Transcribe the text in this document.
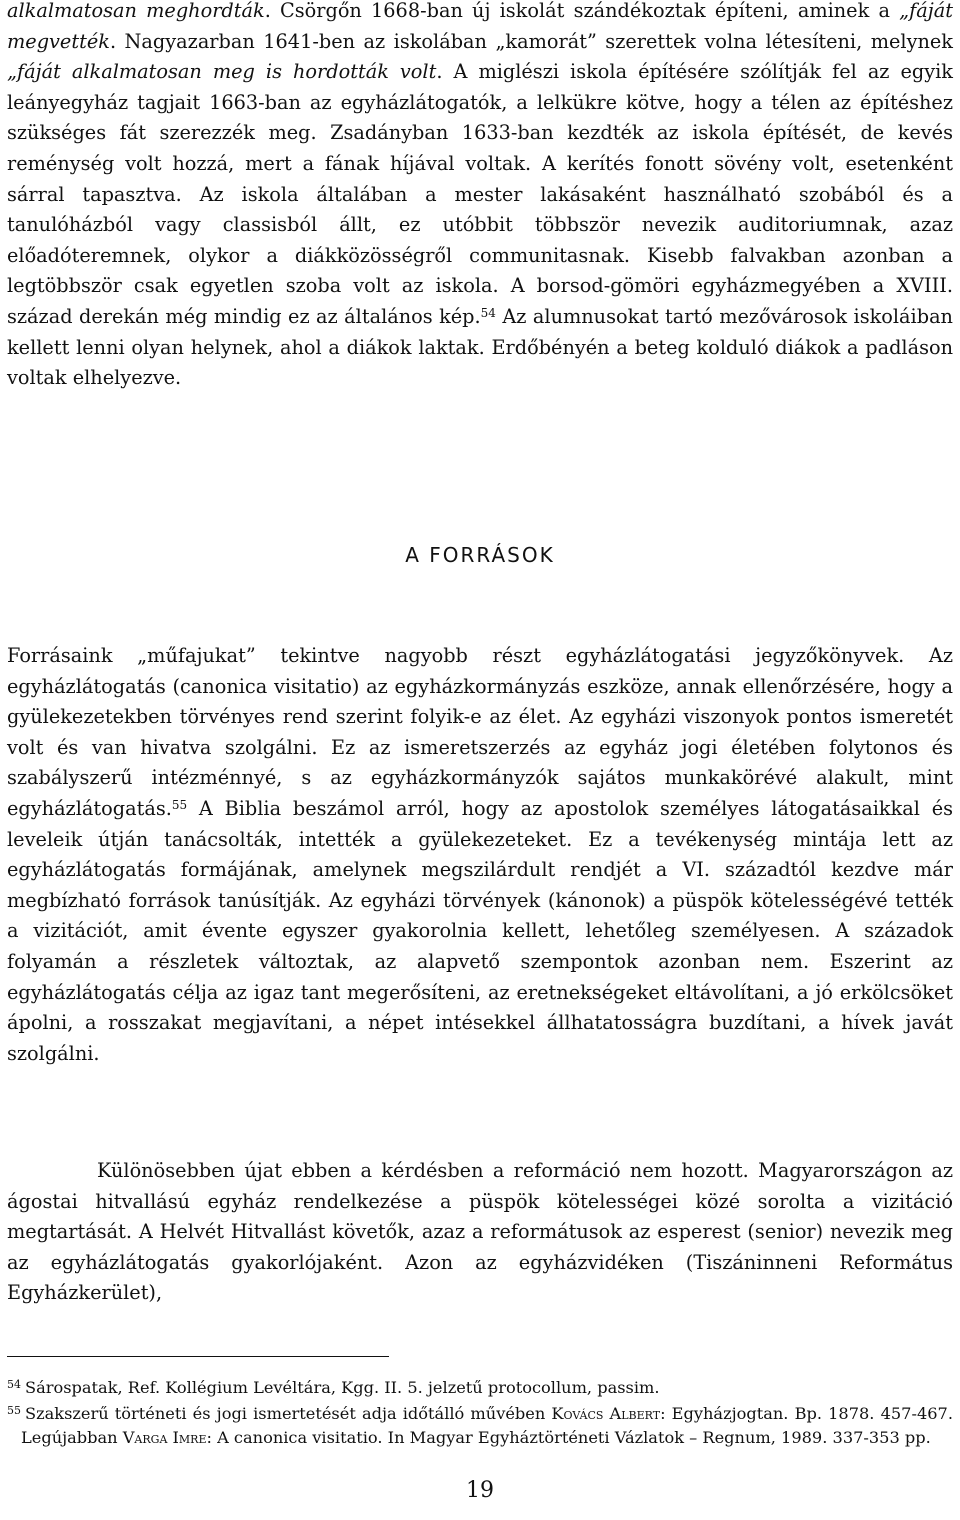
alkalmatosan meghordták. Csörgőn 1668-ban új iskolát szándékoztak építeni, aminek a „fáját megvették. Nagyazarban 1641-ben az iskolában „kamorát” szerettek volna létesíteni, melynek „fáját alkalmatosan meg is hordották volt. A miglészi iskola építésére szólítják fel az egyik leányegyház tagjait 1663-ban az egyházlátogatók, a lelkükre kötve, hogy a télen az építéshez szükséges fát szerezzék meg. Zsadányban 1633-ban kezdték az iskola építését, de kevés reménység volt hozzá, mert a fának híjával voltak. A kerítés fonott sövény volt, esetenként sárral tapasztva. Az iskola általában a mester lakásaként használható szobából és a tanulóházból vagy classisból állt, ez utóbbit többször nevezik auditoriumnak, azaz előadóteremnek, olykor a diákközösségről communitasnak. Kisebb falvakban azonban a legtöbbször csak egyetlen szoba volt az iskola. A borsod-gömöri egyházmegyében a XVIII. század derekán még mindig ez az általános kép.$^{54}$ Az alumnusokat tartó mezővárosok iskoláiban kellett lenni olyan helynek, ahol a diákok laktak. Erdőbényén a beteg kolduló diákok a padláson voltak elhelyezve.

A FORRÁSOK

Forrásaink „műfajukat” tekintve nagyobb részt egyházlátogatási jegyzőkönyvek. Az egyházlátogatás (canonica visitatio) az egyházkormányzás eszköze, annak ellenőrzésére, hogy a gyülekezetekben törvényes rend szerint folyik-e az élet. Az egyházi viszonyok pontos ismeretét volt és van hivatva szolgálni. Ez az ismeretszerzés az egyház jogi életében folytonos és szabályszerű intézménnyé, s az egyházkormányzók sajátos munkakörévé alakult, mint egyházlátogatás.$^{55}$ A Biblia beszámol arról, hogy az apostolok személyes látogatásaikkal és leveleik útján tanácsolták, intették a gyülekezeteket. Ez a tevékenység mintája lett az egyházlátogatás formájának, amelynek megszilárdult rendjét a VI. századtól kezdve már megbízható források tanúsítják. Az egyházi törvények (kánonok) a püspök kötelességévé tették a vizitációt, amit évente egyszer gyakorolnia kellett, lehetőleg személyesen. A századok folyamán a részletek változtak, az alapvető szempontok azonban nem. Eszerint az egyházlátogatás célja az igaz tant megerősíteni, az eretnekségeket eltávolítani, a jó erkölcsöket ápolni, a rosszakat megjavítani, a népet intésekkel állhatatosságra buzdítani, a hívek javát szolgálni.

Különösebben újat ebben a kérdésben a reformáció nem hozott. Magyarországon az ágostai hitvallású egyház rendelkezése a püspök kötelességei közé sorolta a vizitáció megtartását. A Helvét Hitvallást követők, azaz a reformátusok az esperest (senior) nevezik meg az egyházlátogatás gyakorlójaként. Azon az egyházvidéken (Tiszáninneni Református Egyházkerület),

$^{54}$ Sárospatak, Ref. Kollégium Levéltára, Kgg. II. 5. jelzetű protocollum, passim.

$^{55}$ Szakszerű történeti és jogi ismertetését adja időtálló művében Kovács Albert: Egyházjogtan. Bp. 1878. 457-467. Legújabban Varga Imre: A canonica visitatio. In Magyar Egyháztörténeti Vázlatok – Regnum, 1989. 337-353 pp.

19
